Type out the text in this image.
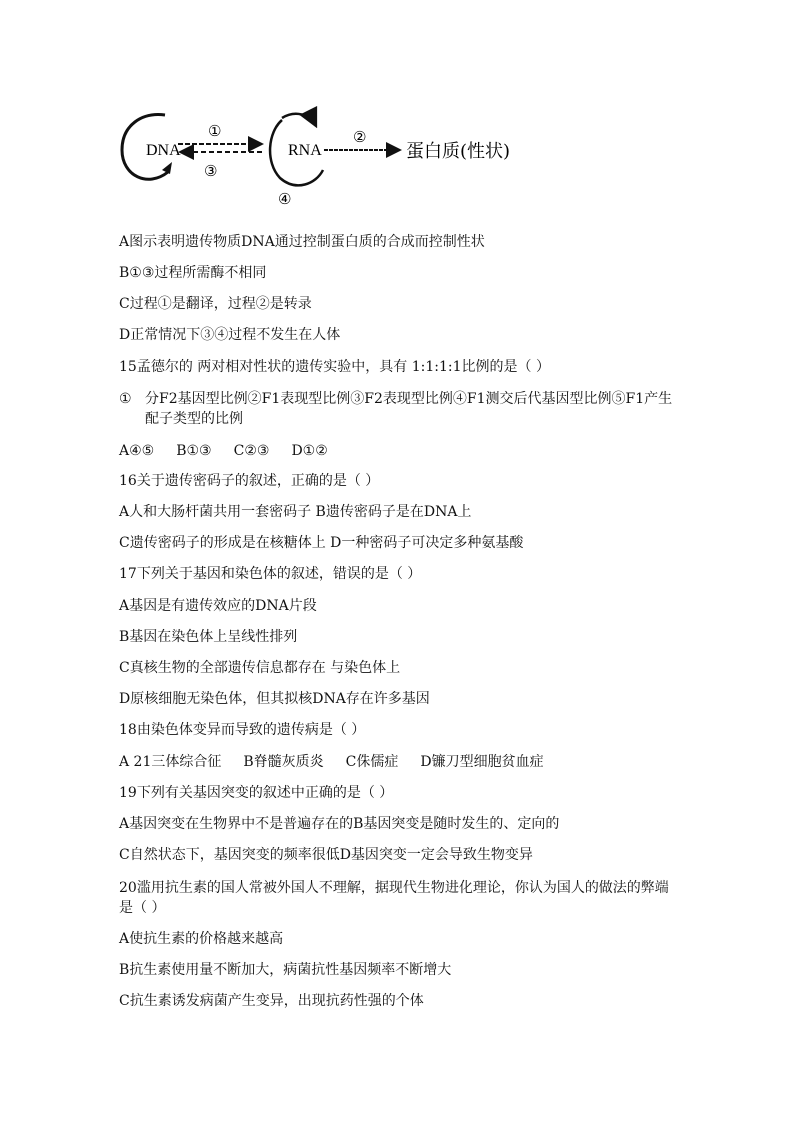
DNA
①
③
RNA
④
②
蛋白质(性状)
A图示表明遗传物质DNA通过控制蛋白质的合成而控制性状
B①③过程所需酶不相同
C过程①是翻译，过程②是转录
D正常情况下③④过程不发生在人体
15孟德尔的 两对相对性状的遗传实验中，具有 1:1:1:1比例的是（ ）
① 分F2基因型比例②F1表现型比例③F2表现型比例④F1测交后代基因型比例⑤F1产生配子类型的比例
A④⑤ B①③ C②③ D①②
16关于遗传密码子的叙述，正确的是（ ）
A人和大肠杆菌共用一套密码子 B遗传密码子是在DNA上
C遗传密码子的形成是在核糖体上 D一种密码子可决定多种氨基酸
17下列关于基因和染色体的叙述，错误的是（ ）
A基因是有遗传效应的DNA片段
B基因在染色体上呈线性排列
C真核生物的全部遗传信息都存在 与染色体上
D原核细胞无染色体，但其拟核DNA存在许多基因
18由染色体变异而导致的遗传病是（ ）
A 21三体综合征 B脊髓灰质炎 C侏儒症 D镰刀型细胞贫血症
19下列有关基因突变的叙述中正确的是（ ）
A基因突变在生物界中不是普遍存在的B基因突变是随时发生的、定向的
C自然状态下，基因突变的频率很低D基因突变一定会导致生物变异
20滥用抗生素的国人常被外国人不理解，据现代生物进化理论，你认为国人的做法的弊端是（ ）
A使抗生素的价格越来越高
B抗生素使用量不断加大，病菌抗性基因频率不断增大
C抗生素诱发病菌产生变异，出现抗药性强的个体
